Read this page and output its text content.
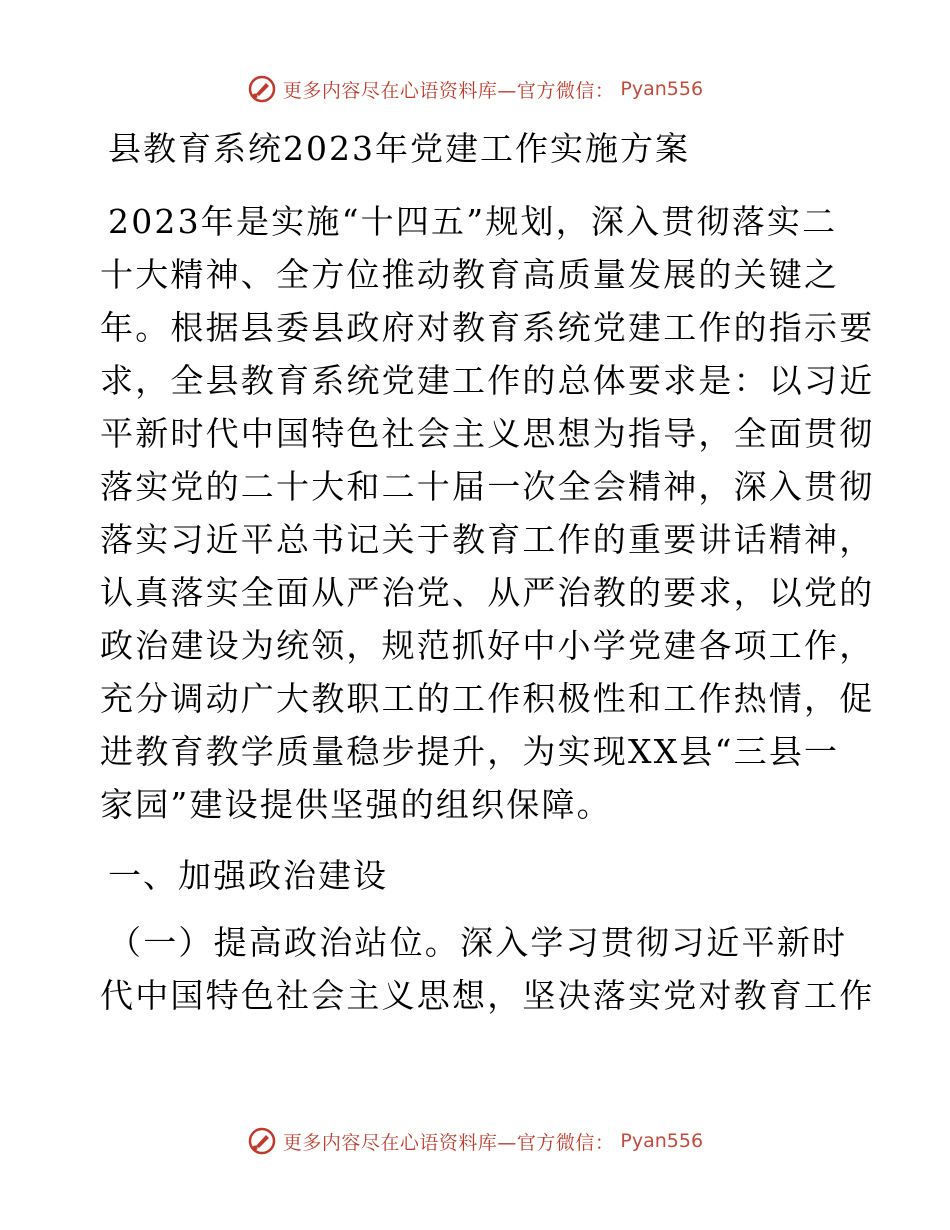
更多内容尽在心语资料库—官方微信： Pyan556
县教育系统2023年党建工作实施方案

2023年是实施“十四五”规划，深入贯彻落实二
十大精神、全方位推动教育高质量发展的关键之
年。根据县委县政府对教育系统党建工作的指示要
求，全县教育系统党建工作的总体要求是：以习近
平新时代中国特色社会主义思想为指导，全面贯彻
落实党的二十大和二十届一次全会精神，深入贯彻
落实习近平总书记关于教育工作的重要讲话精神，
认真落实全面从严治党、从严治教的要求，以党的
政治建设为统领，规范抓好中小学党建各项工作，
充分调动广大教职工的工作积极性和工作热情，促
进教育教学质量稳步提升，为实现XX县“三县一
家园”建设提供坚强的组织保障。

一、加强政治建设

（一）提高政治站位。深入学习贯彻习近平新时
代中国特色社会主义思想，坚决落实党对教育工作

更多内容尽在心语资料库—官方微信： Pyan556
